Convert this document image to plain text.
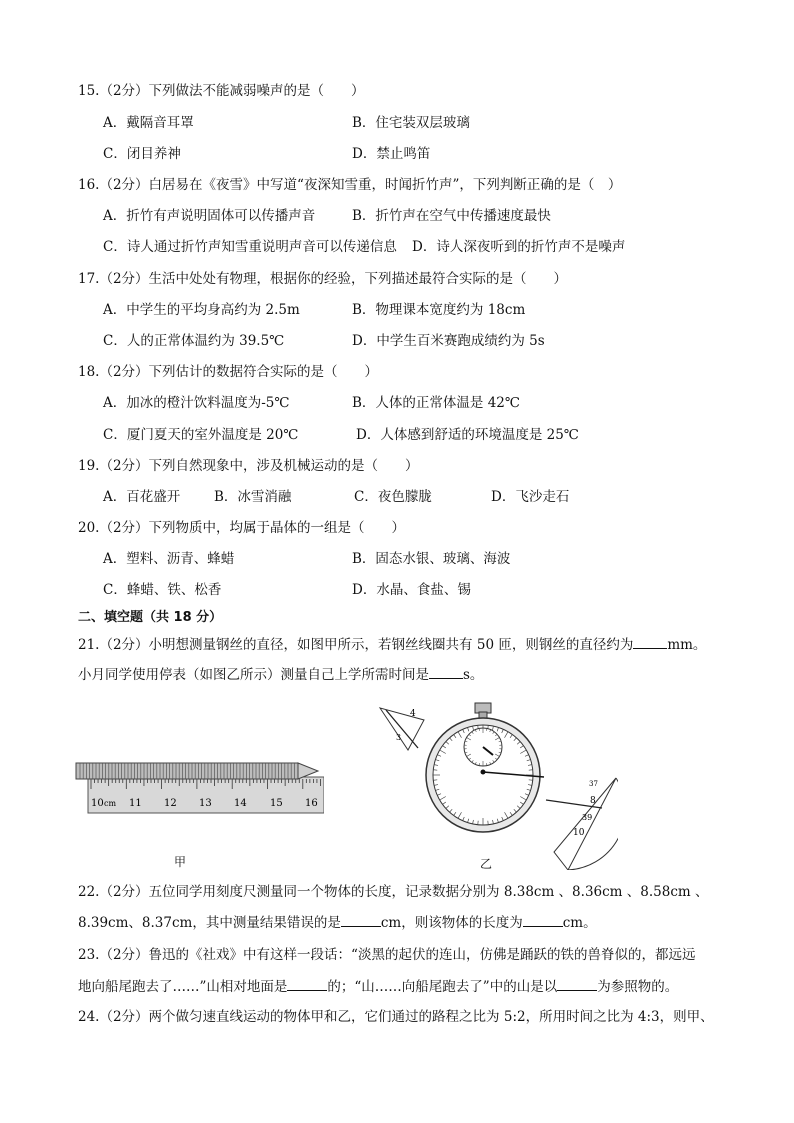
15.（2分）下列做法不能减弱噪声的是（　　）
A．戴隔音耳罩	B．住宅装双层玻璃
C．闭目养神	D．禁止鸣笛
16.（2分）白居易在《夜雪》中写道“夜深知雪重，时闻折竹声”，下列判断正确的是（　）
A．折竹有声说明固体可以传播声音	B．折竹声在空气中传播速度最快
C．诗人通过折竹声知雪重说明声音可以传递信息 D．诗人深夜听到的折竹声不是噪声
17.（2分）生活中处处有物理，根据你的经验，下列描述最符合实际的是（　　）
A．中学生的平均身高约为 2.5m	B．物理课本宽度约为 18cm
C．人的正常体温约为 39.5℃	D．中学生百米赛跑成绩约为 5s
18.（2分）下列估计的数据符合实际的是（　　）
A．加冰的橙汁饮料温度为-5℃	B．人体的正常体温是 42℃
C．厦门夏天的室外温度是 20℃	D．人体感到舒适的环境温度是 25℃
19.（2分）下列自然现象中，涉及机械运动的是（　　）
A．百花盛开	B．冰雪消融	C．夜色朦胧	D．飞沙走石
20.（2分）下列物质中，均属于晶体的一组是（　　）
A．塑料、沥青、蜂蜡	B．固态水银、玻璃、海波
C．蜂蜡、铁、松香	D．水晶、食盐、锡
二、填空题（共 18 分）
21.（2分）小明想测量钢丝的直径，如图甲所示，若钢丝线圈共有 50 匝，则钢丝的直径约为	mm。
小月同学使用停表（如图乙所示）测量自己上学所需时间是	s。
10 cm 11 12 13 14 15 16
甲
4
3
37
8
39
10
乙
22.（2分）五位同学用刻度尺测量同一个物体的长度，记录数据分别为 8.38cm 、8.36cm 、8.58cm 、
8.39cm、8.37cm，其中测量结果错误的是	cm，则该物体的长度为	cm。
23.（2分）鲁迅的《社戏》中有这样一段话：“淡黑的起伏的连山，仿佛是踊跃的铁的兽脊似的，都远远
地向船尾跑去了……”山相对地面是	的；“山……向船尾跑去了”中的山是以	为参照物的。
24.（2分）两个做匀速直线运动的物体甲和乙，它们通过的路程之比为 5:2，所用时间之比为 4:3，则甲、
